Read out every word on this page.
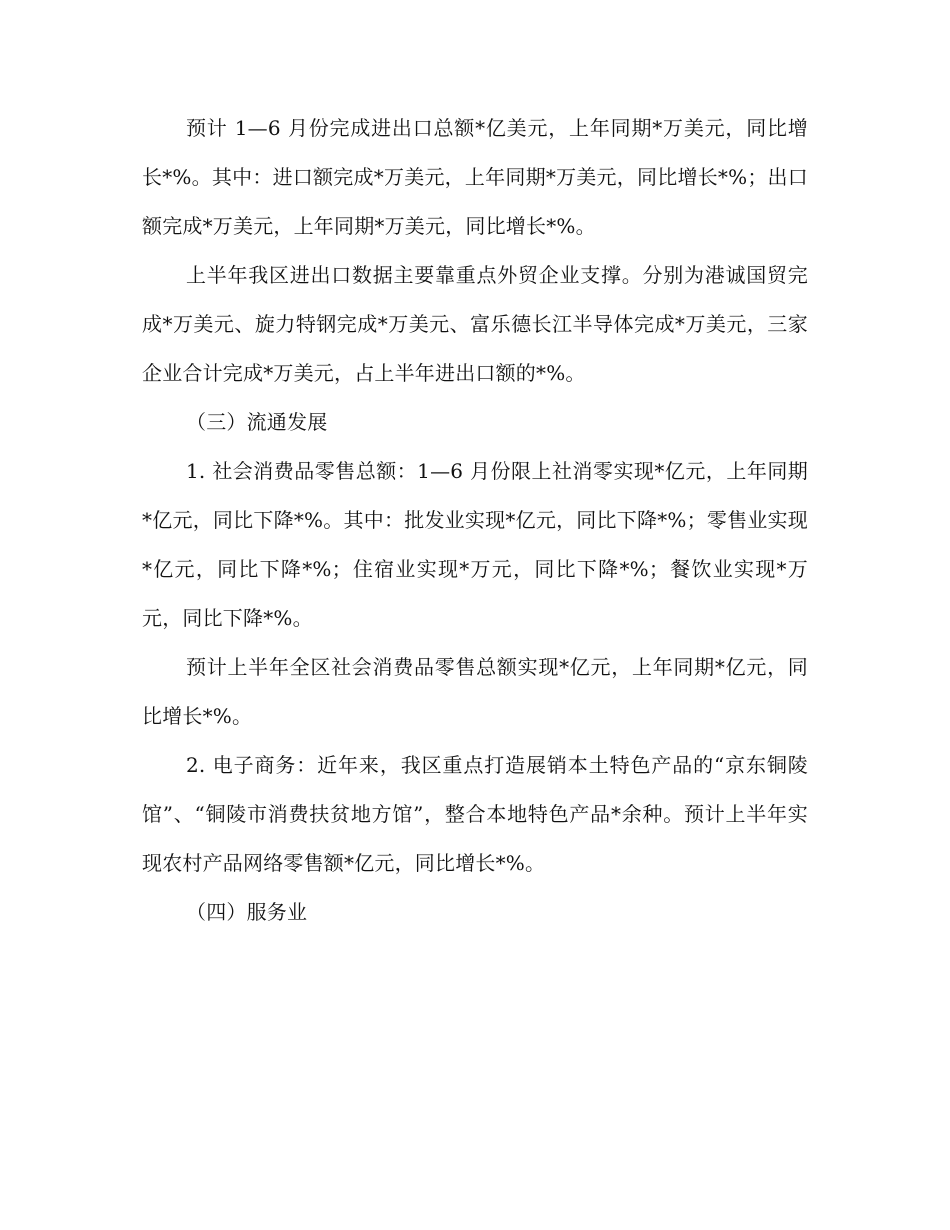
预计 1—6 月份完成进出口总额*亿美元，上年同期*万美元，同比增长*%。其中：进口额完成*万美元，上年同期*万美元，同比增长*%；出口额完成*万美元，上年同期*万美元，同比增长*%。

上半年我区进出口数据主要靠重点外贸企业支撑。分别为港诚国贸完成*万美元、旋力特钢完成*万美元、富乐德长江半导体完成*万美元，三家企业合计完成*万美元，占上半年进出口额的*%。

（三）流通发展

1. 社会消费品零售总额：1—6 月份限上社消零实现*亿元，上年同期*亿元，同比下降*%。其中：批发业实现*亿元，同比下降*%；零售业实现*亿元，同比下降*%；住宿业实现*万元，同比下降*%；餐饮业实现*万元，同比下降*%。

预计上半年全区社会消费品零售总额实现*亿元，上年同期*亿元，同比增长*%。

2. 电子商务：近年来，我区重点打造展销本土特色产品的“京东铜陵馆”、“铜陵市消费扶贫地方馆”，整合本地特色产品*余种。预计上半年实现农村产品网络零售额*亿元，同比增长*%。

（四）服务业
